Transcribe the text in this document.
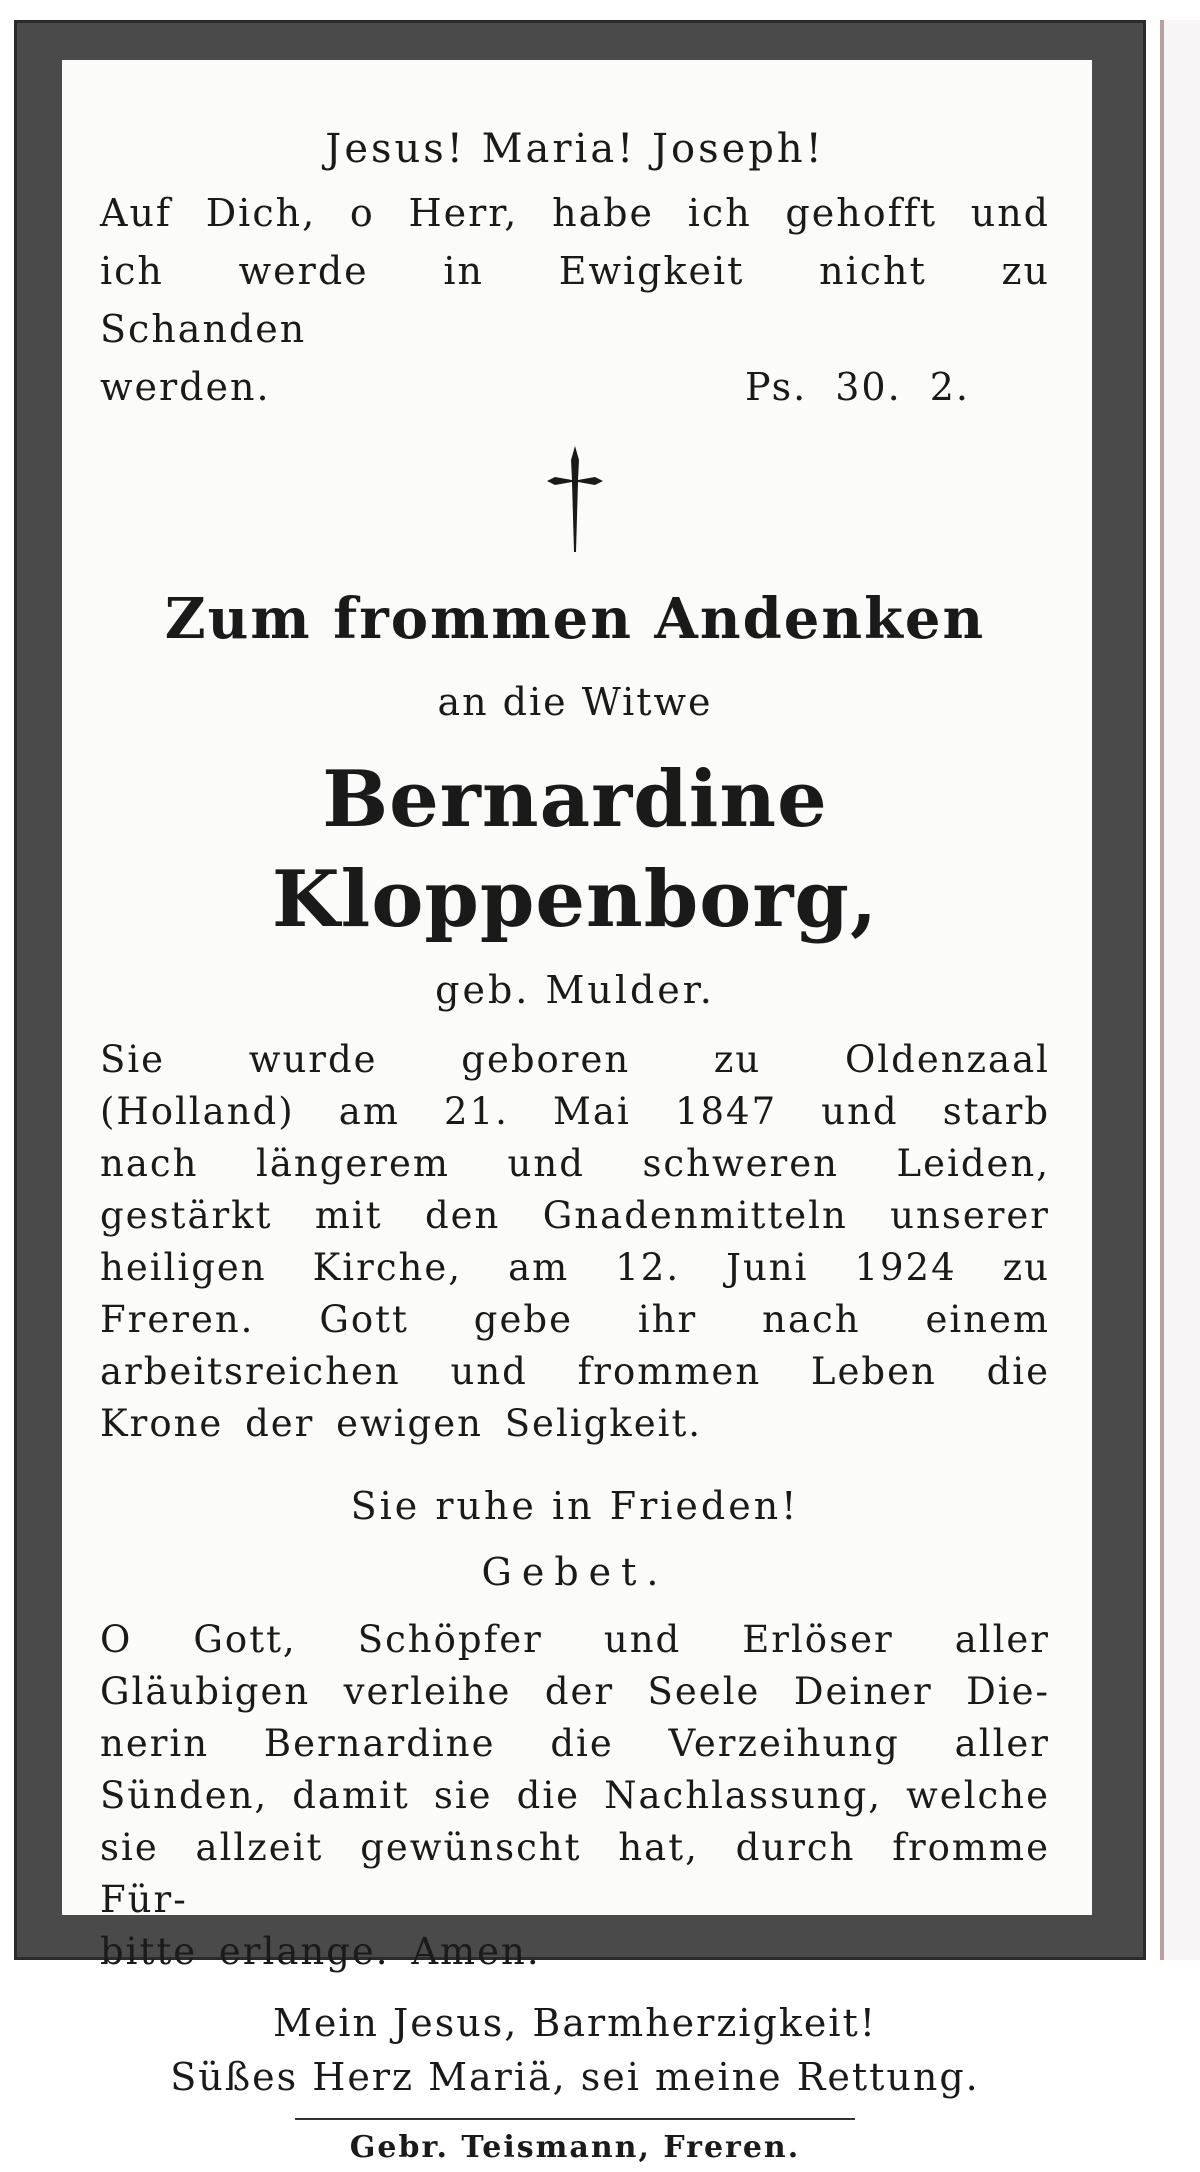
Jesus! Maria! Joseph!

Auf Dich, o Herr, habe ich gehofft und
ich werde in Ewigkeit nicht zu Schanden
werden.	Ps. 30. 2.

Zum frommen Andenken

an die Witwe

Bernardine Kloppenborg,

geb. Mulder.

Sie wurde geboren zu Oldenzaal
(Holland) am 21. Mai 1847 und starb
nach längerem und schweren Leiden,
gestärkt mit den Gnadenmitteln unserer
heiligen Kirche, am 12. Juni 1924 zu
Freren. Gott gebe ihr nach einem
arbeitsreichen und frommen Leben die
Krone der ewigen Seligkeit.

Sie ruhe in Frieden!

Gebet.

O Gott, Schöpfer und Erlöser aller
Gläubigen verleihe der Seele Deiner Die-
nerin Bernardine die Verzeihung aller
Sünden, damit sie die Nachlassung, welche
sie allzeit gewünscht hat, durch fromme Für-
bitte erlange. Amen.

Mein Jesus, Barmherzigkeit!

Süßes Herz Mariä, sei meine Rettung.

Gebr. Teismann, Freren.
